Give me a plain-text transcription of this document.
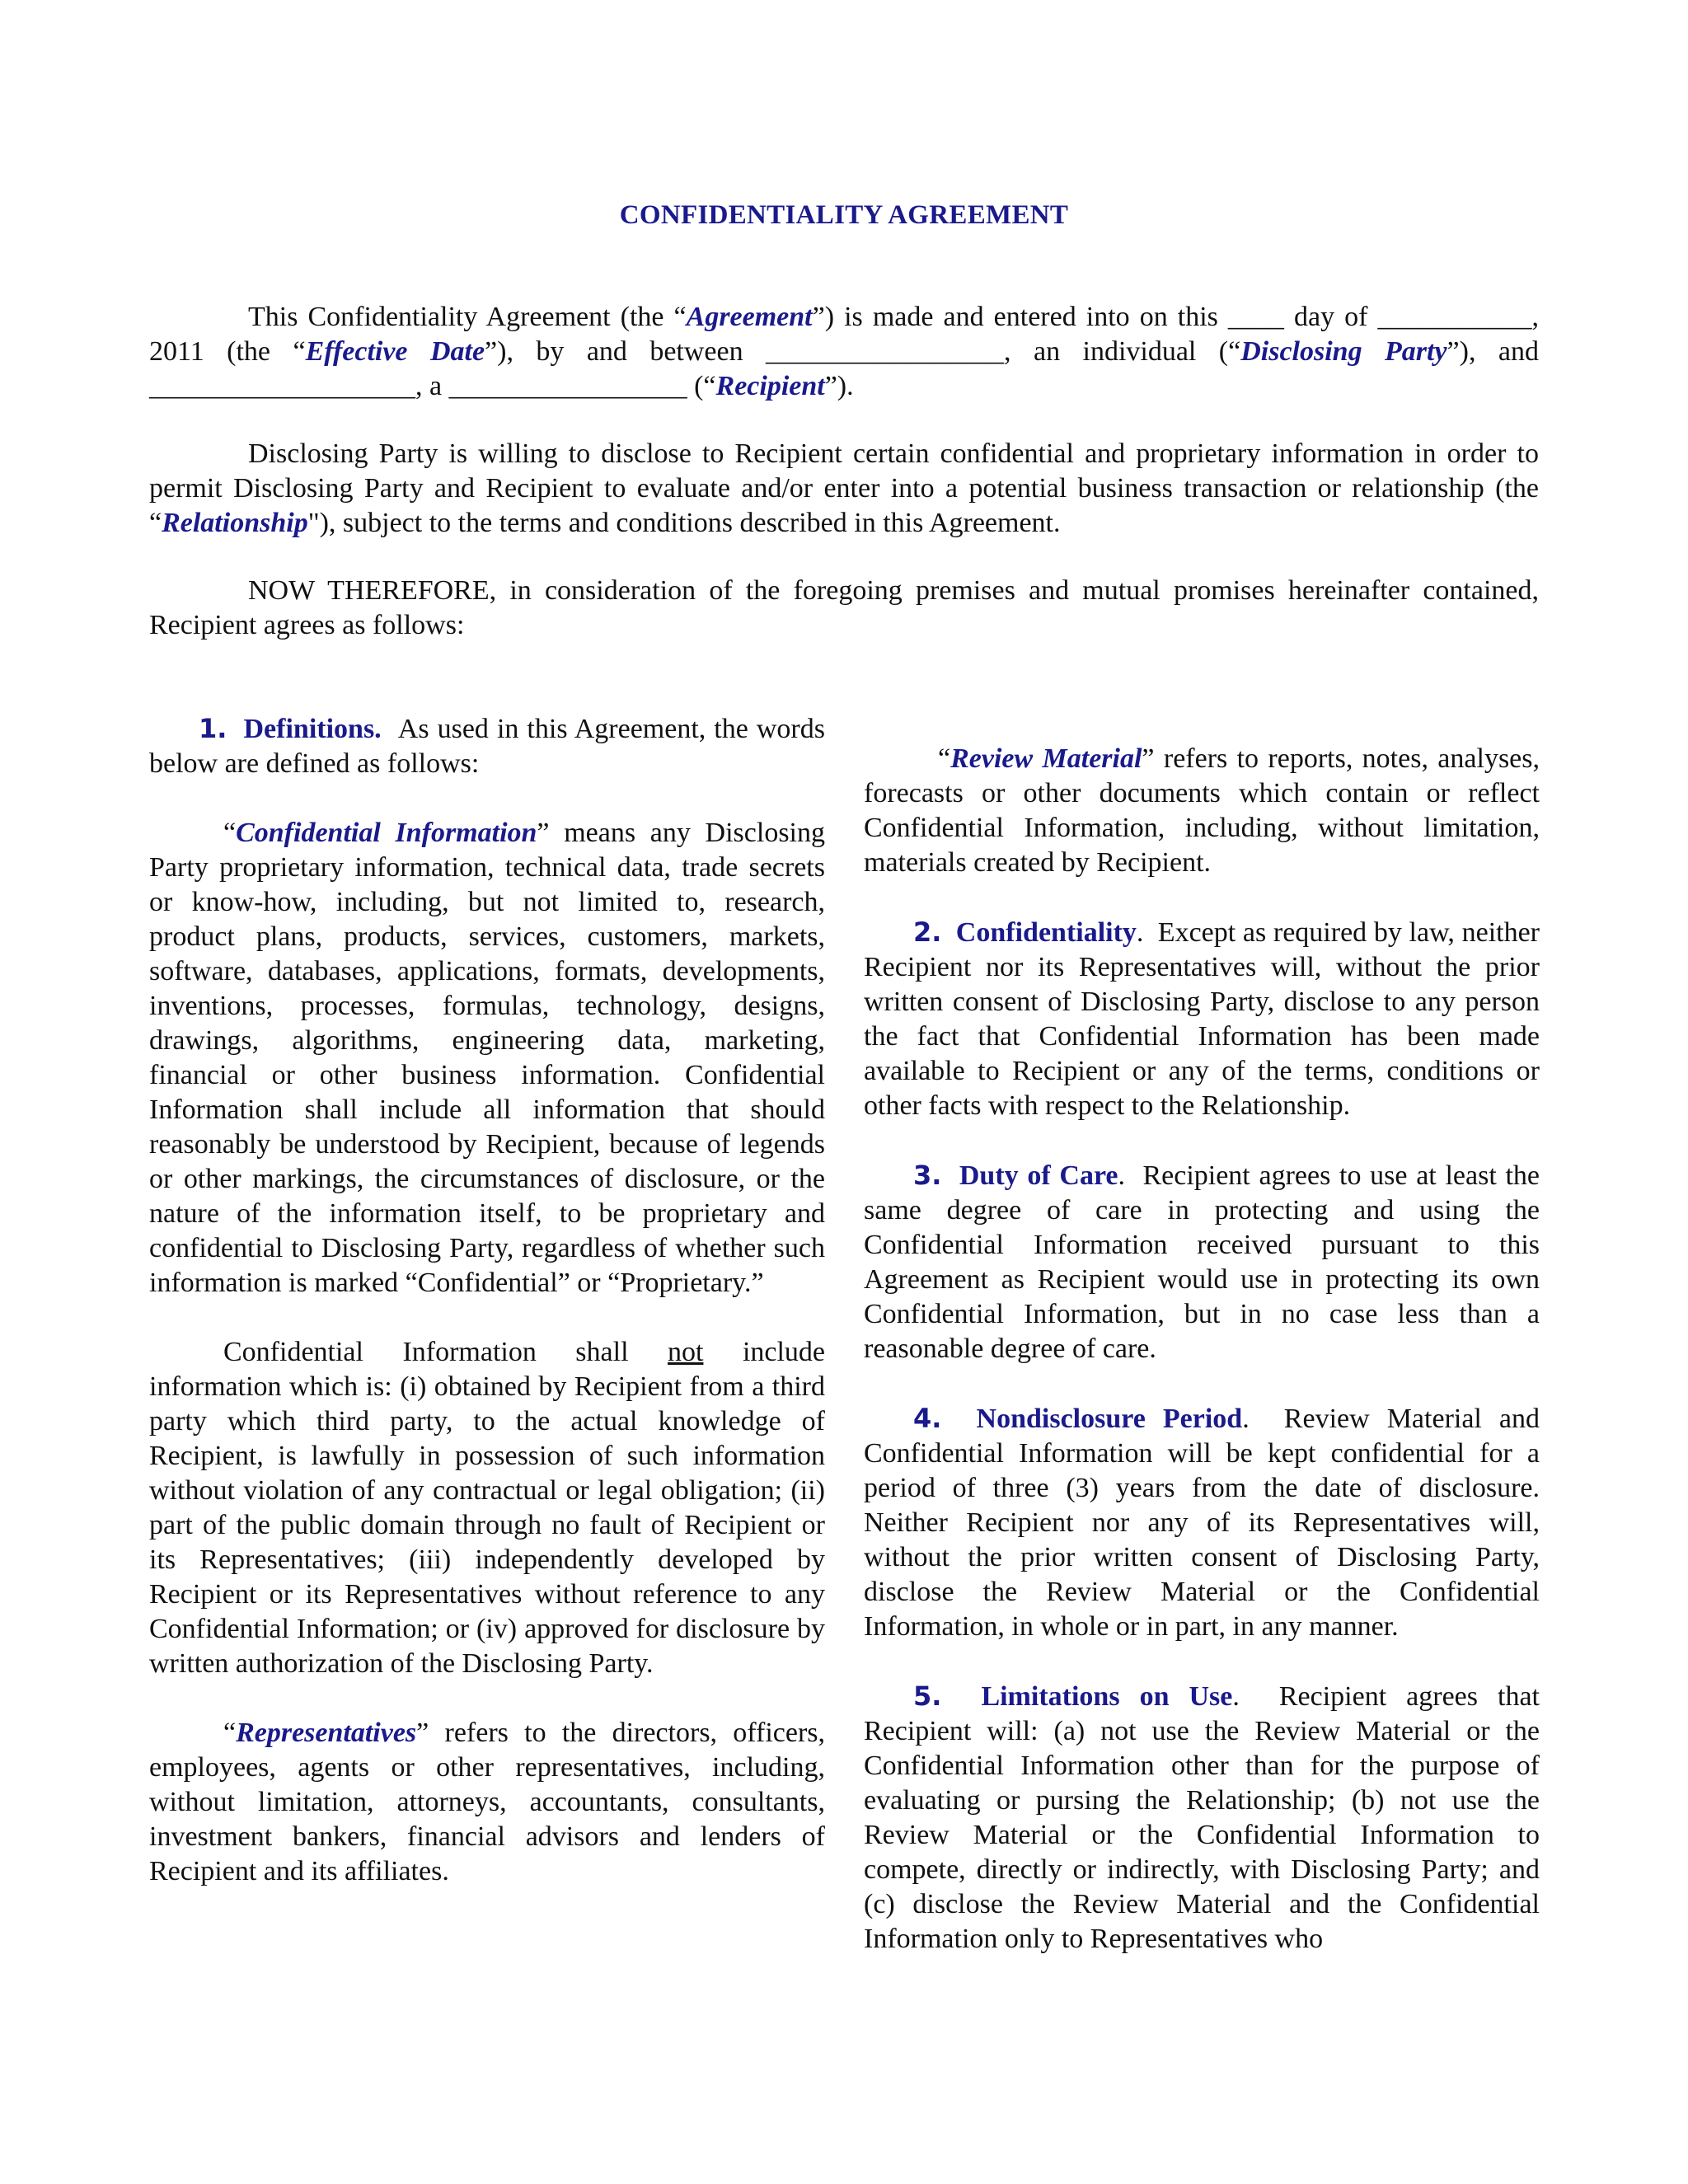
CONFIDENTIALITY AGREEMENT

This Confidentiality Agreement (the “Agreement”) is made and entered into on this ____ day of ___________, 2011 (the “Effective Date”), by and between _________________, an individual (“Disclosing Party”), and ___________________, a _________________ (“Recipient”).

Disclosing Party is willing to disclose to Recipient certain confidential and proprietary information in order to permit Disclosing Party and Recipient to evaluate and/or enter into a potential business transaction or relationship (the “Relationship"), subject to the terms and conditions described in this Agreement.

NOW THEREFORE, in consideration of the foregoing premises and mutual promises hereinafter contained, Recipient agrees as follows:

1. Definitions. As used in this Agreement, the words below are defined as follows:

“Confidential Information” means any Disclosing Party proprietary information, technical data, trade secrets or know-how, including, but not limited to, research, product plans, products, services, customers, markets, software, databases, applications, formats, developments, inventions, processes, formulas, technology, designs, drawings, algorithms, engineering data, marketing, financial or other business information. Confidential Information shall include all information that should reasonably be understood by Recipient, because of legends or other markings, the circumstances of disclosure, or the nature of the information itself, to be proprietary and confidential to Disclosing Party, regardless of whether such information is marked “Confidential” or “Proprietary.”

Confidential Information shall not include information which is: (i) obtained by Recipient from a third party which third party, to the actual knowledge of Recipient, is lawfully in possession of such information without violation of any contractual or legal obligation; (ii) part of the public domain through no fault of Recipient or its Representatives; (iii) independently developed by Recipient or its Representatives without reference to any Confidential Information; or (iv) approved for disclosure by written authorization of the Disclosing Party.

“Representatives” refers to the directors, officers, employees, agents or other representatives, including, without limitation, attorneys, accountants, consultants, investment bankers, financial advisors and lenders of Recipient and its affiliates.

“Review Material” refers to reports, notes, analyses, forecasts or other documents which contain or reflect Confidential Information, including, without limitation, materials created by Recipient.

2. Confidentiality.  Except as required by law, neither Recipient nor its Representatives will, without the prior written consent of Disclosing Party, disclose to any person the fact that Confidential Information has been made available to Recipient or any of the terms, conditions or other facts with respect to the Relationship.

3. Duty of Care.  Recipient agrees to use at least the same degree of care in protecting and using the Confidential Information received pursuant to this Agreement as Recipient would use in protecting its own Confidential Information, but in no case less than a reasonable degree of care.

4. Nondisclosure Period.  Review Material and Confidential Information will be kept confidential for a period of three (3) years from the date of disclosure. Neither Recipient nor any of its Representatives will, without the prior written consent of Disclosing Party, disclose the Review Material or the Confidential Information, in whole or in part, in any manner.

5. Limitations on Use.  Recipient agrees that Recipient will: (a) not use the Review Material or the Confidential Information other than for the purpose of evaluating or pursing the Relationship; (b) not use the Review Material or the Confidential Information to compete, directly or indirectly, with Disclosing Party; and (c) disclose the Review Material and the Confidential Information only to Representatives who
